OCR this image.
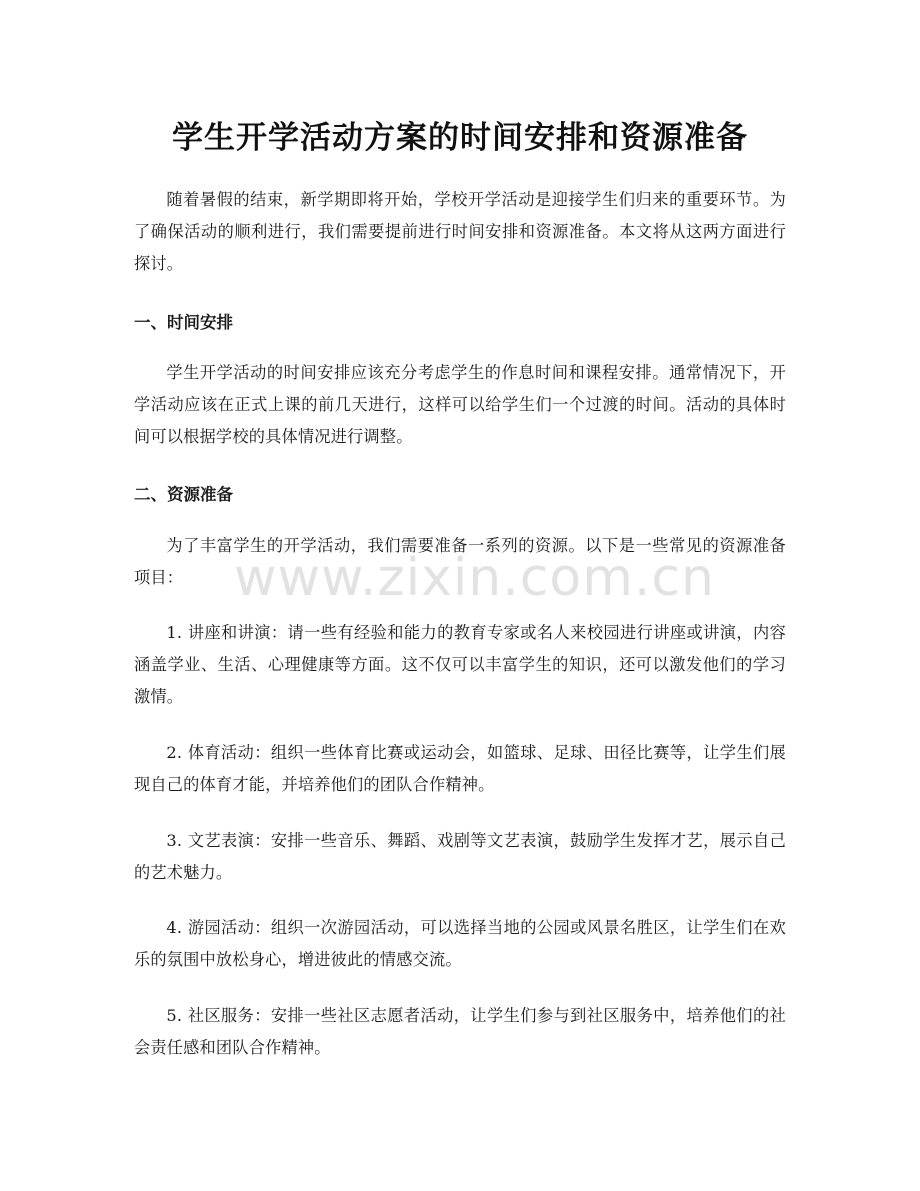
学生开学活动方案的时间安排和资源准备

随着暑假的结束，新学期即将开始，学校开学活动是迎接学生们归来的重要环节。为了确保活动的顺利进行，我们需要提前进行时间安排和资源准备。本文将从这两方面进行探讨。

一、时间安排

学生开学活动的时间安排应该充分考虑学生的作息时间和课程安排。通常情况下，开学活动应该在正式上课的前几天进行，这样可以给学生们一个过渡的时间。活动的具体时间可以根据学校的具体情况进行调整。

二、资源准备

为了丰富学生的开学活动，我们需要准备一系列的资源。以下是一些常见的资源准备项目：

1. 讲座和讲演：请一些有经验和能力的教育专家或名人来校园进行讲座或讲演，内容涵盖学业、生活、心理健康等方面。这不仅可以丰富学生的知识，还可以激发他们的学习激情。

2. 体育活动：组织一些体育比赛或运动会，如篮球、足球、田径比赛等，让学生们展现自己的体育才能，并培养他们的团队合作精神。

3. 文艺表演：安排一些音乐、舞蹈、戏剧等文艺表演，鼓励学生发挥才艺，展示自己的艺术魅力。

4. 游园活动：组织一次游园活动，可以选择当地的公园或风景名胜区，让学生们在欢乐的氛围中放松身心，增进彼此的情感交流。

5. 社区服务：安排一些社区志愿者活动，让学生们参与到社区服务中，培养他们的社会责任感和团队合作精神。

www.zixin.com.cn
